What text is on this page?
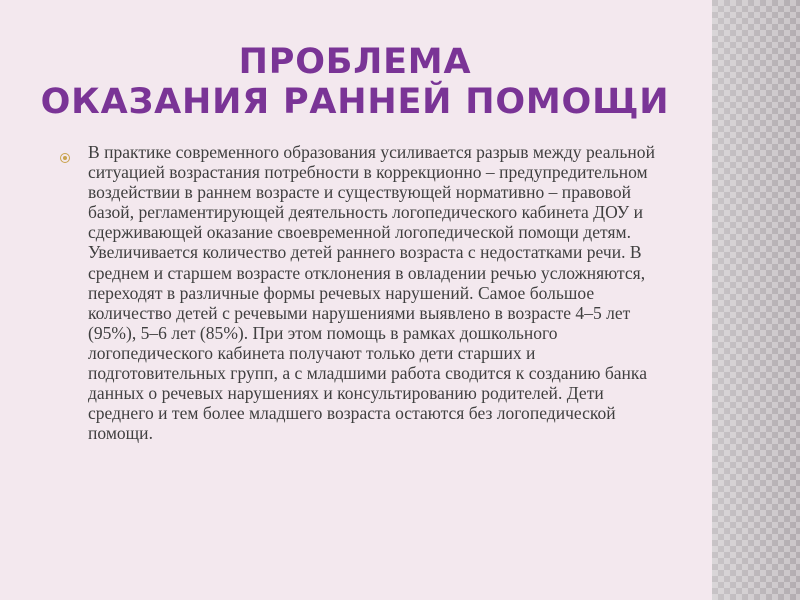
ПРОБЛЕМА
ОКАЗАНИЯ РАННЕЙ ПОМОЩИ

В практике современного образования усиливается разрыв между реальной ситуацией возрастания потребности в коррекционно – предупредительном воздействии в раннем возрасте и существующей нормативно – правовой базой, регламентирующей деятельность логопедического кабинета ДОУ и сдерживающей оказание своевременной логопедической помощи детям. Увеличивается количество детей раннего возраста с недостатками речи. В среднем и старшем возрасте отклонения в овладении речью усложняются, переходят в различные формы речевых нарушений. Самое большое количество детей с речевыми нарушениями выявлено в возрасте 4–5 лет (95%), 5–6 лет (85%). При этом помощь в рамках дошкольного логопедического кабинета получают только дети старших и подготовительных групп, а с младшими работа сводится к созданию банка данных о речевых нарушениях и консультированию родителей. Дети среднего и тем более младшего возраста остаются без логопедической помощи.
